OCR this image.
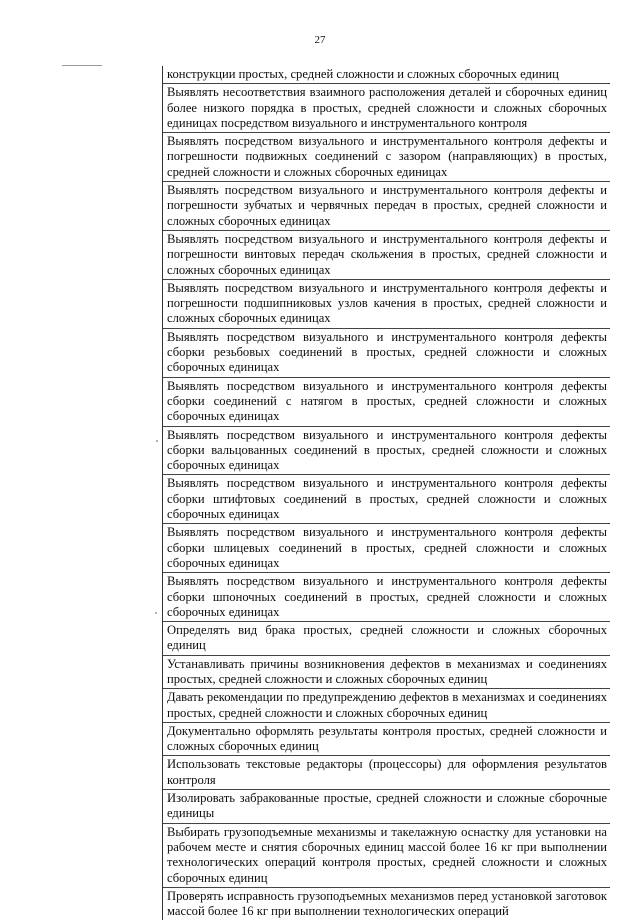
27
конструкции простых, средней сложности и сложных сборочных единиц
Выявлять несоответствия взаимного расположения деталей и сборочных единиц более низкого порядка в простых, средней сложности и сложных сборочных единицах посредством визуального и инструментального контроля
Выявлять посредством визуального и инструментального контроля дефекты и погрешности подвижных соединений с зазором (направляющих) в простых, средней сложности и сложных сборочных единицах
Выявлять посредством визуального и инструментального контроля дефекты и погрешности зубчатых и червячных передач в простых, средней сложности и сложных сборочных единицах
Выявлять посредством визуального и инструментального контроля дефекты и погрешности винтовых передач скольжения в простых, средней сложности и сложных сборочных единицах
Выявлять посредством визуального и инструментального контроля дефекты и погрешности подшипниковых узлов качения в простых, средней сложности и сложных сборочных единицах
Выявлять посредством визуального и инструментального контроля дефекты сборки резьбовых соединений в простых, средней сложности и сложных сборочных единицах
Выявлять посредством визуального и инструментального контроля дефекты сборки соединений с натягом в простых, средней сложности и сложных сборочных единицах
Выявлять посредством визуального и инструментального контроля дефекты сборки вальцованных соединений в простых, средней сложности и сложных сборочных единицах
Выявлять посредством визуального и инструментального контроля дефекты сборки штифтовых соединений в простых, средней сложности и сложных сборочных единицах
Выявлять посредством визуального и инструментального контроля дефекты сборки шлицевых соединений в простых, средней сложности и сложных сборочных единицах
Выявлять посредством визуального и инструментального контроля дефекты сборки шпоночных соединений в простых, средней сложности и сложных сборочных единицах
Определять вид брака простых, средней сложности и сложных сборочных единиц
Устанавливать причины возникновения дефектов в механизмах и соединениях простых, средней сложности и сложных сборочных единиц
Давать рекомендации по предупреждению дефектов в механизмах и соединениях простых, средней сложности и сложных сборочных единиц
Документально оформлять результаты контроля простых, средней сложности и сложных сборочных единиц
Использовать текстовые редакторы (процессоры) для оформления результатов контроля
Изолировать забракованные простые, средней сложности и сложные сборочные единицы
Выбирать грузоподъемные механизмы и такелажную оснастку для установки на рабочем месте и снятия сборочных единиц массой более 16 кг при выполнении технологических операций контроля простых, средней сложности и сложных сборочных единиц
Проверять исправность грузоподъемных механизмов перед установкой заготовок массой более 16 кг при выполнении технологических операций
